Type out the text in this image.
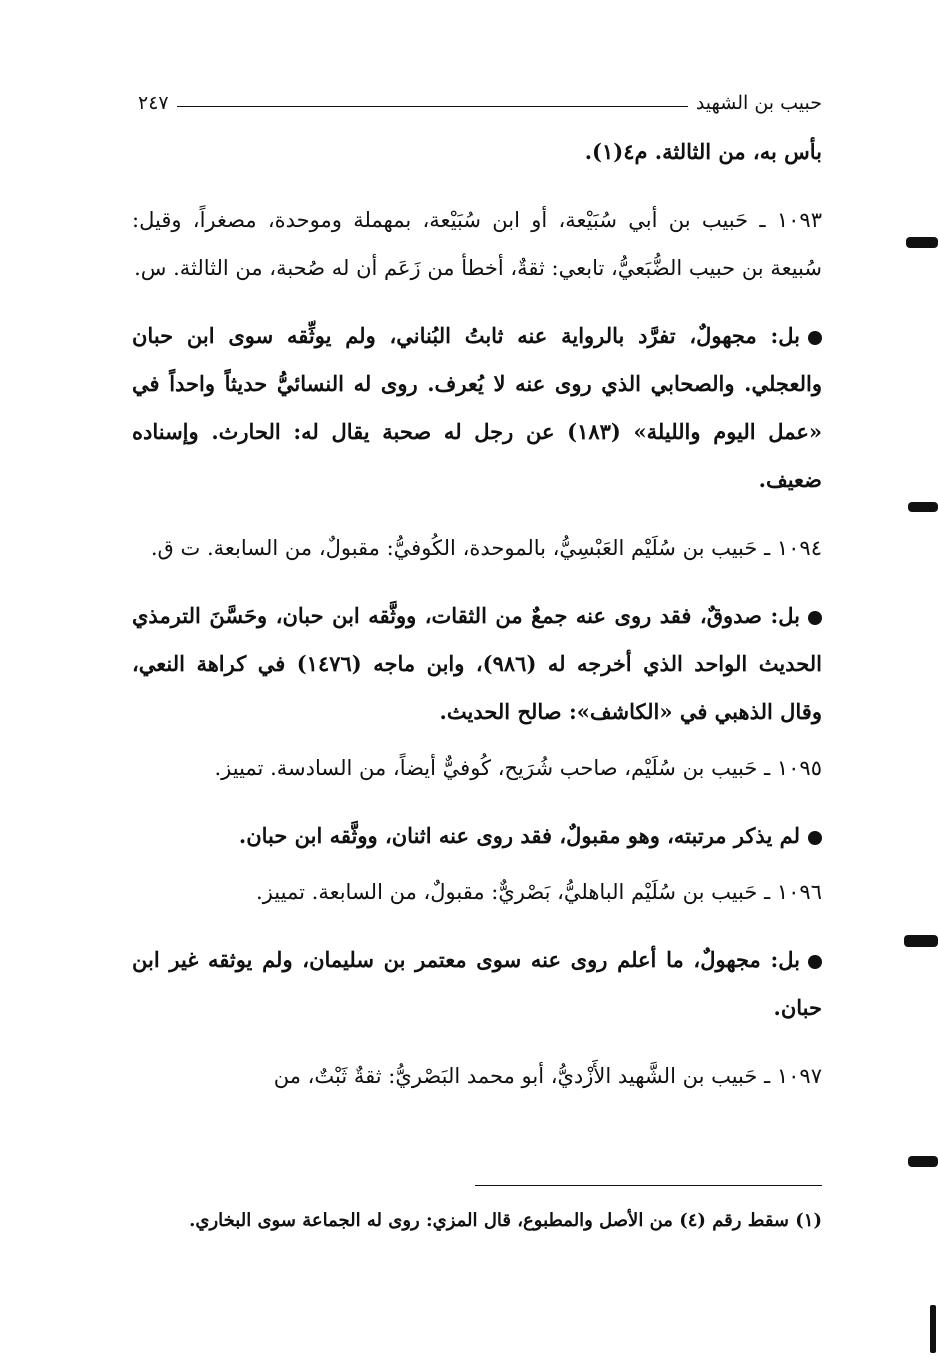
حبيب بن الشهيد
٢٤٧

بأس به، من الثالثة. م٤(١).

١٠٩٣ ـ حَبيب بن أبي سُبَيْعة، أو ابن سُبَيْعة، بمهملة وموحدة، مصغراً، وقيل: سُبيعة بن حبيب الضُّبَعيُّ، تابعي: ثقةٌ، أخطأ من زَعَم أن له صُحبة، من الثالثة. س.

بل: مجهولٌ، تفرَّد بالرواية عنه ثابتُ البُناني، ولم يوثِّقه سوى ابن حبان والعجلي. والصحابي الذي روى عنه لا يُعرف. روى له النسائيُّ حديثاً واحداً في «عمل اليوم والليلة» (١٨٣) عن رجل له صحبة يقال له: الحارث. وإسناده ضعيف.

١٠٩٤ ـ حَبيب بن سُلَيْم العَبْسِيُّ، بالموحدة، الكُوفيُّ: مقبولٌ، من السابعة. ت ق.

بل: صدوقٌ، فقد روى عنه جمعٌ من الثقات، ووثَّقه ابن حبان، وحَسَّنَ الترمذي الحديث الواحد الذي أخرجه له (٩٨٦)، وابن ماجه (١٤٧٦) في كراهة النعي، وقال الذهبي في «الكاشف»: صالح الحديث.

١٠٩٥ ـ حَبيب بن سُلَيْم، صاحب شُرَيح، كُوفيٌّ أيضاً، من السادسة. تمييز.

لم يذكر مرتبته، وهو مقبولٌ، فقد روى عنه اثنان، ووثَّقه ابن حبان.

١٠٩٦ ـ حَبيب بن سُلَيْم الباهليُّ، بَصْريٌّ: مقبولٌ، من السابعة. تمييز.

بل: مجهولٌ، ما أعلم روى عنه سوى معتمر بن سليمان، ولم يوثقه غير ابن حبان.

١٠٩٧ ـ حَبيب بن الشَّهيد الأَزْديُّ، أبو محمد البَصْريُّ: ثقةٌ ثَبْتٌ، من

(١) سقط رقم (٤) من الأصل والمطبوع، قال المزي: روى له الجماعة سوى البخاري.
